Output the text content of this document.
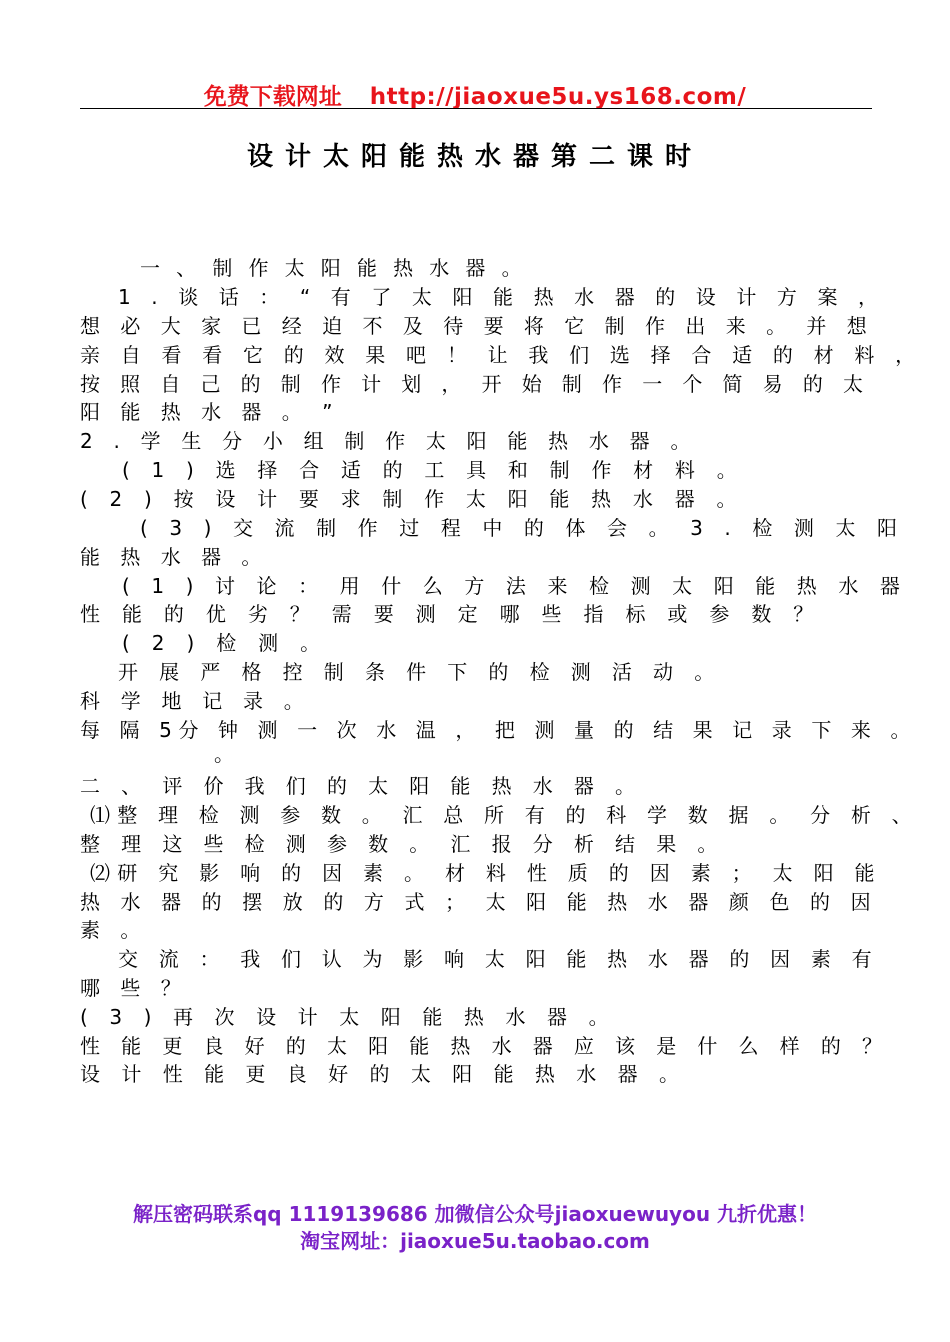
免费下载网址 http://jiaoxue5u.ys168.com/
设计太阳能热水器第二课时
一 、 制 作 太 阳 能 热 水 器 。
1 . 谈 话 ： “ 有 了 太 阳 能 热 水 器 的 设 计 方 案 ，
想 必 大 家 已 经 迫 不 及 待 要 将 它 制 作 出 来 。 并 想
亲 自 看 看 它 的 效 果 吧 ！ 让 我 们 选 择 合 适 的 材 料 ，
按 照 自 己 的 制 作 计 划 ， 开 始 制 作 一 个 简 易 的 太
阳 能 热 水 器 。 ”
2 . 学 生 分 小 组 制 作 太 阳 能 热 水 器 。
( 1 ) 选 择 合 适 的 工 具 和 制 作 材 料 。
( 2 ) 按 设 计 要 求 制 作 太 阳 能 热 水 器 。
( 3 ) 交 流 制 作 过 程 中 的 体 会 。 3 . 检 测 太 阳
能 热 水 器 。
( 1 ) 讨 论 ： 用 什 么 方 法 来 检 测 太 阳 能 热 水 器
性 能 的 优 劣 ？ 需 要 测 定 哪 些 指 标 或 参 数 ？
( 2 ) 检 测 。
开 展 严 格 控 制 条 件 下 的 检 测 活 动 。
科 学 地 记 录 。
每 隔 5分 钟 测 一 次 水 温 ， 把 测 量 的 结 果 记 录 下 来 。
。
二 、 评 价 我 们 的 太 阳 能 热 水 器 。
⑴整 理 检 测 参 数 。 汇 总 所 有 的 科 学 数 据 。 分 析 、
整 理 这 些 检 测 参 数 。 汇 报 分 析 结 果 。
⑵研 究 影 响 的 因 素 。 材 料 性 质 的 因 素 ； 太 阳 能
热 水 器 的 摆 放 的 方 式 ； 太 阳 能 热 水 器 颜 色 的 因
素 。
交 流 ： 我 们 认 为 影 响 太 阳 能 热 水 器 的 因 素 有
哪 些 ？
( 3 ) 再 次 设 计 太 阳 能 热 水 器 。
性 能 更 良 好 的 太 阳 能 热 水 器 应 该 是 什 么 样 的 ？
设 计 性 能 更 良 好 的 太 阳 能 热 水 器 。
解压密码联系qq 1119139686 加微信公众号jiaoxuewuyou 九折优惠！
淘宝网址：jiaoxue5u.taobao.com
